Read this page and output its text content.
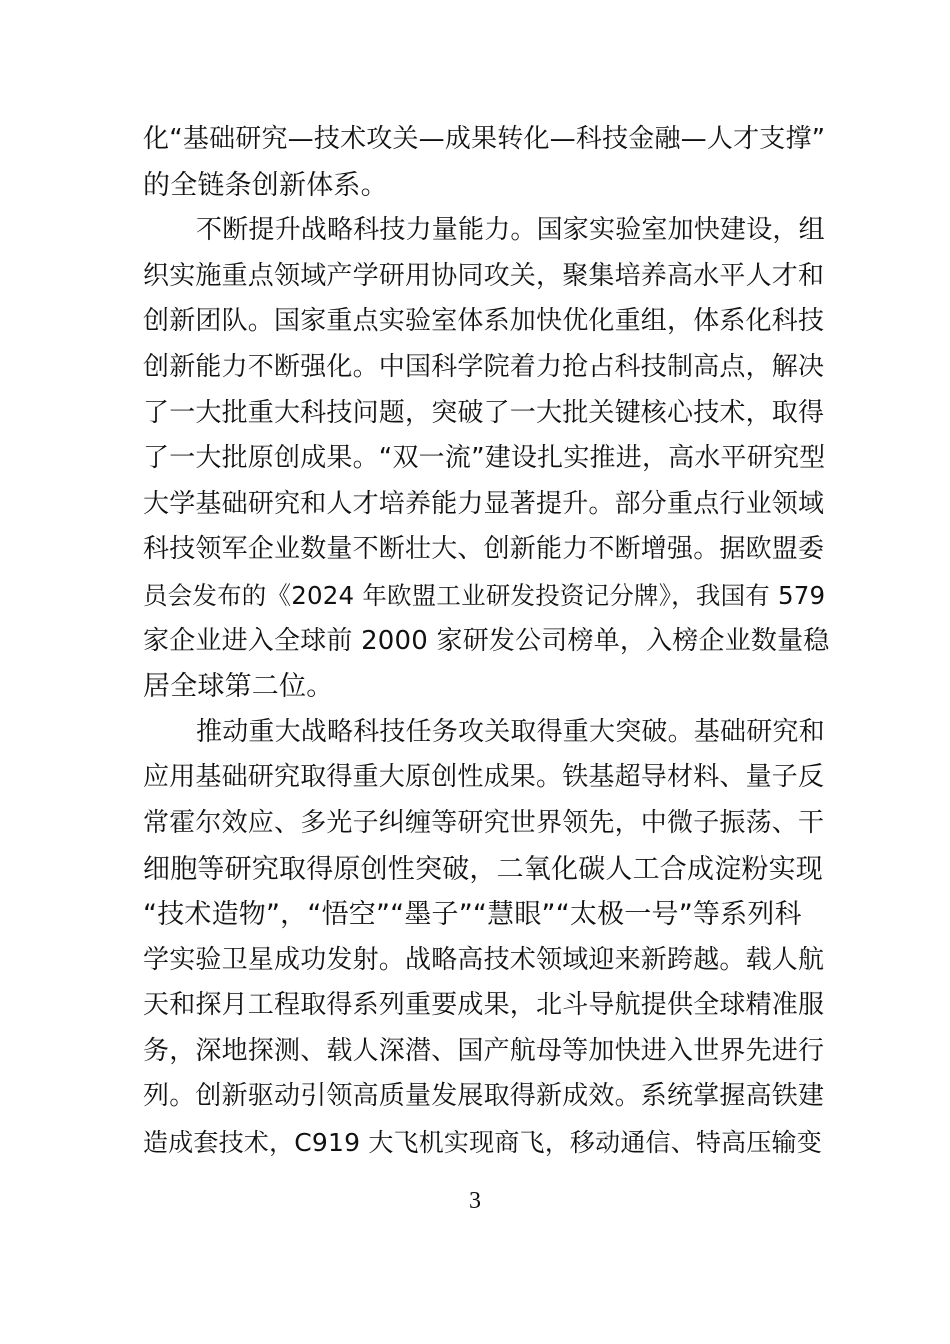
化“基础研究—技术攻关—成果转化—科技金融—人才支撑”
的全链条创新体系。
不断提升战略科技力量能力。国家实验室加快建设，组
织实施重点领域产学研用协同攻关，聚集培养高水平人才和
创新团队。国家重点实验室体系加快优化重组，体系化科技
创新能力不断强化。中国科学院着力抢占科技制高点，解决
了一大批重大科技问题，突破了一大批关键核心技术，取得
了一大批原创成果。“双一流”建设扎实推进，高水平研究型
大学基础研究和人才培养能力显著提升。部分重点行业领域
科技领军企业数量不断壮大、创新能力不断增强。据欧盟委
员会发布的《2024 年欧盟工业研发投资记分牌》，我国有 579
家企业进入全球前 2000 家研发公司榜单，入榜企业数量稳
居全球第二位。
推动重大战略科技任务攻关取得重大突破。基础研究和
应用基础研究取得重大原创性成果。铁基超导材料、量子反
常霍尔效应、多光子纠缠等研究世界领先，中微子振荡、干
细胞等研究取得原创性突破，二氧化碳人工合成淀粉实现
“技术造物”，“悟空”“墨子”“慧眼”“太极一号”等系列科
学实验卫星成功发射。战略高技术领域迎来新跨越。载人航
天和探月工程取得系列重要成果，北斗导航提供全球精准服
务，深地探测、载人深潜、国产航母等加快进入世界先进行
列。创新驱动引领高质量发展取得新成效。系统掌握高铁建
造成套技术，C919 大飞机实现商飞，移动通信、特高压输变
3
